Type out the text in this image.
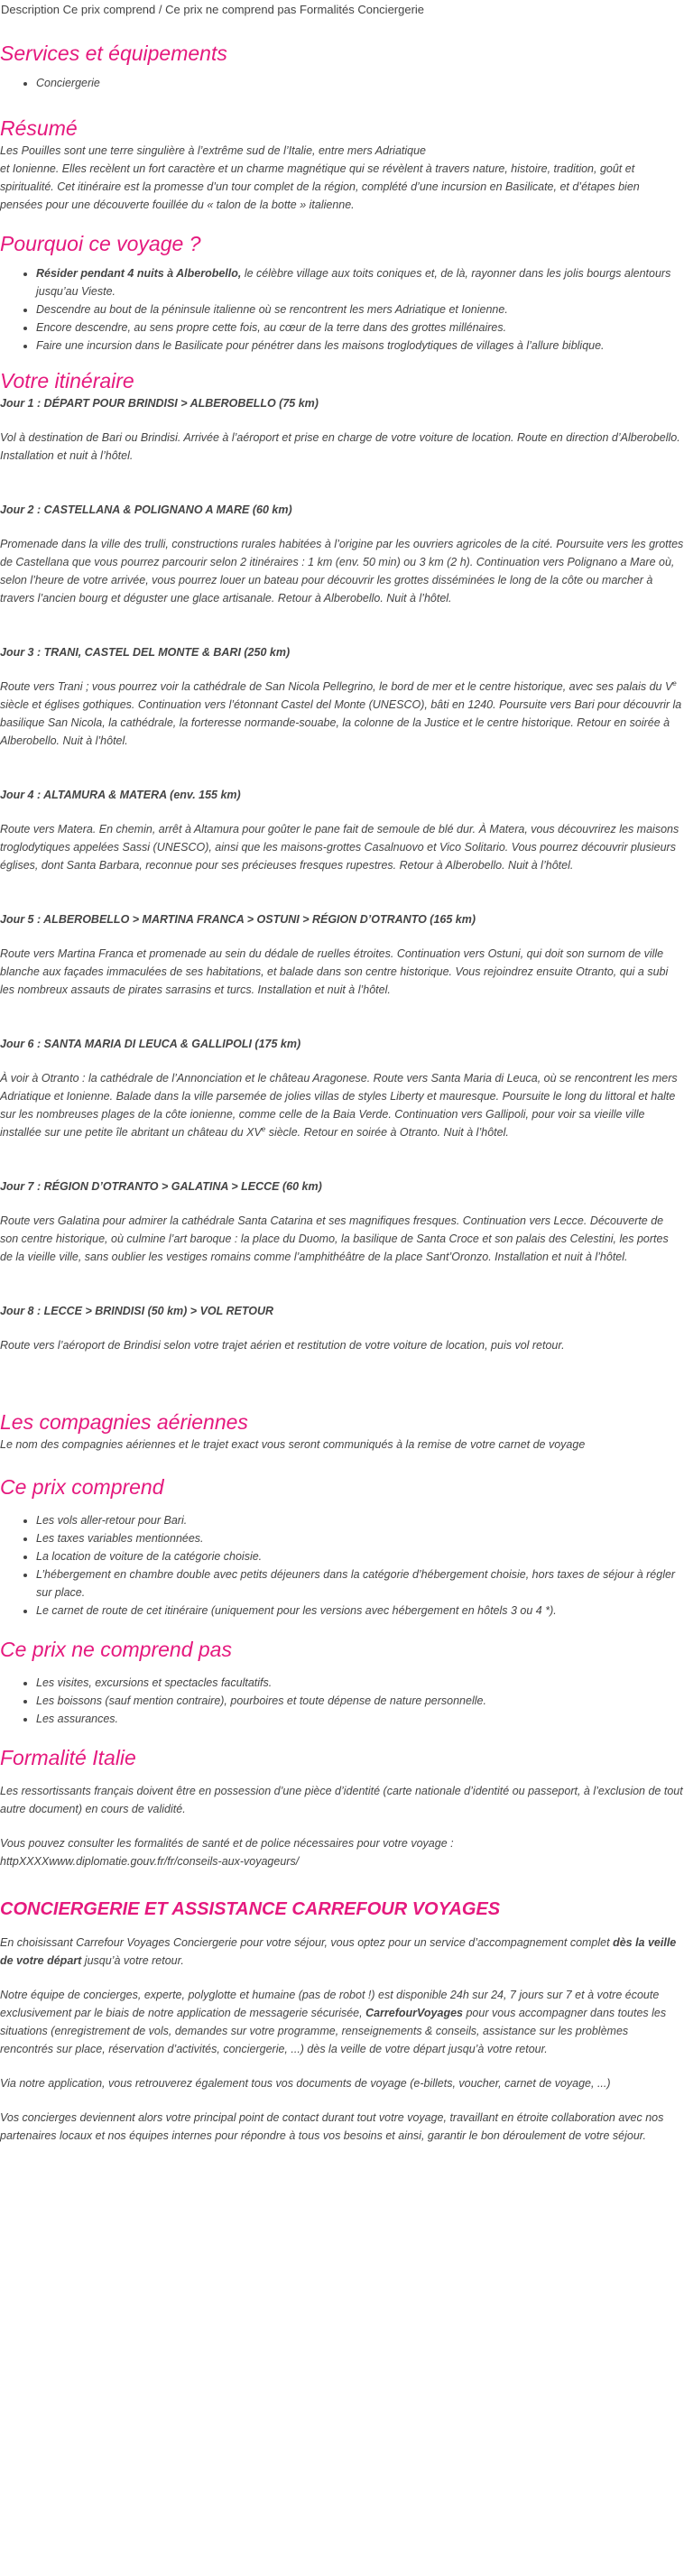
Description Ce prix comprend / Ce prix ne comprend pas Formalités Conciergerie
Services et équipements
• Conciergerie
Résumé

Les Pouilles sont une terre singulière à l’extrême sud de l’Italie, entre mers Adriatique
et Ionienne. Elles recèlent un fort caractère et un charme magnétique qui se révèlent à travers nature, histoire, tradition, goût et spiritualité. Cet itinéraire est la promesse d’un tour complet de la région, complété d’une incursion en Basilicate, et d’étapes bien pensées pour une découverte fouillée du « talon de la botte » italienne.

Pourquoi ce voyage ?
• Résider pendant 4 nuits à Alberobello, le célèbre village aux toits coniques et, de là, rayonner dans les jolis bourgs alentours jusqu’au Vieste.
• Descendre au bout de la péninsule italienne où se rencontrent les mers Adriatique et Ionienne.
• Encore descendre, au sens propre cette fois, au cœur de la terre dans des grottes millénaires.
• Faire une incursion dans le Basilicate pour pénétrer dans les maisons troglodytiques de villages à l’allure biblique.
Votre itinéraire

Jour 1 : DÉPART POUR BRINDISI > ALBEROBELLO (75 km)

Vol à destination de Bari ou Brindisi. Arrivée à l’aéroport et prise en charge de votre voiture de location. Route en direction d’Alberobello. Installation et nuit à l’hôtel.

Jour 2 : CASTELLANA & POLIGNANO A MARE (60 km)

Promenade dans la ville des trulli, constructions rurales habitées à l’origine par les ouvriers agricoles de la cité. Poursuite vers les grottes de Castellana que vous pourrez parcourir selon 2 itinéraires : 1 km (env. 50 min) ou 3 km (2 h). Continuation vers Polignano a Mare où, selon l’heure de votre arrivée, vous pourrez louer un bateau pour découvrir les grottes disséminées le long de la côte ou marcher à travers l’ancien bourg et déguster une glace artisanale. Retour à Alberobello. Nuit à l’hôtel.

Jour 3 : TRANI, CASTEL DEL MONTE & BARI (250 km)

Route vers Trani ; vous pourrez voir la cathédrale de San Nicola Pellegrino, le bord de mer et le centre historique, avec ses palais du Ve siècle et églises gothiques. Continuation vers l’étonnant Castel del Monte (UNESCO), bâti en 1240. Poursuite vers Bari pour découvrir la basilique San Nicola, la cathédrale, la forteresse normande-souabe, la colonne de la Justice et le centre historique. Retour en soirée à Alberobello. Nuit à l’hôtel.

Jour 4 : ALTAMURA & MATERA (env. 155 km)

Route vers Matera. En chemin, arrêt à Altamura pour goûter le pane fait de semoule de blé dur. À Matera, vous découvrirez les maisons troglodytiques appelées Sassi (UNESCO), ainsi que les maisons-grottes Casalnuovo et Vico Solitario. Vous pourrez découvrir plusieurs églises, dont Santa Barbara, reconnue pour ses précieuses fresques rupestres. Retour à Alberobello. Nuit à l’hôtel.

Jour 5 : ALBEROBELLO > MARTINA FRANCA > OSTUNI > RÉGION D’OTRANTO (165 km)

Route vers Martina Franca et promenade au sein du dédale de ruelles étroites. Continuation vers Ostuni, qui doit son surnom de ville blanche aux façades immaculées de ses habitations, et balade dans son centre historique. Vous rejoindrez ensuite Otranto, qui a subi les nombreux assauts de pirates sarrasins et turcs. Installation et nuit à l’hôtel.

Jour 6 : SANTA MARIA DI LEUCA & GALLIPOLI (175 km)

À voir à Otranto : la cathédrale de l’Annonciation et le château Aragonese. Route vers Santa Maria di Leuca, où se rencontrent les mers Adriatique et Ionienne. Balade dans la ville parsemée de jolies villas de styles Liberty et mauresque. Poursuite le long du littoral et halte sur les nombreuses plages de la côte ionienne, comme celle de la Baia Verde. Continuation vers Gallipoli, pour voir sa vieille ville installée sur une petite île abritant un château du XVe siècle. Retour en soirée à Otranto. Nuit à l’hôtel.

Jour 7 : RÉGION D’OTRANTO > GALATINA > LECCE (60 km)

Route vers Galatina pour admirer la cathédrale Santa Catarina et ses magnifiques fresques. Continuation vers Lecce. Découverte de son centre historique, où culmine l’art baroque : la place du Duomo, la basilique de Santa Croce et son palais des Celestini, les portes de la vieille ville, sans oublier les vestiges romains comme l’amphithéâtre de la place Sant’Oronzo. Installation et nuit à l’hôtel.

Jour 8 : LECCE > BRINDISI (50 km) > VOL RETOUR

Route vers l’aéroport de Brindisi selon votre trajet aérien et restitution de votre voiture de location, puis vol retour.

Les compagnies aériennes

Le nom des compagnies aériennes et le trajet exact vous seront communiqués à la remise de votre carnet de voyage

Ce prix comprend
• Les vols aller-retour pour Bari.
• Les taxes variables mentionnées.
• La location de voiture de la catégorie choisie.
• L’hébergement en chambre double avec petits déjeuners dans la catégorie d’hébergement choisie, hors taxes de séjour à régler sur place.
• Le carnet de route de cet itinéraire (uniquement pour les versions avec hébergement en hôtels 3 ou 4 *).
Ce prix ne comprend pas
• Les visites, excursions et spectacles facultatifs.
• Les boissons (sauf mention contraire), pourboires et toute dépense de nature personnelle.
• Les assurances.
Formalité Italie

Les ressortissants français doivent être en possession d’une pièce d’identité (carte nationale d’identité ou passeport, à l’exclusion de tout autre document) en cours de validité.

Vous pouvez consulter les formalités de santé et de police nécessaires pour votre voyage :
httpXXXXwww.diplomatie.gouv.fr/fr/conseils-aux-voyageurs/

CONCIERGERIE ET ASSISTANCE CARREFOUR VOYAGES

En choisissant Carrefour Voyages Conciergerie pour votre séjour, vous optez pour un service d’accompagnement complet dès la veille de votre départ jusqu’à votre retour.

Notre équipe de concierges, experte, polyglotte et humaine (pas de robot !) est disponible 24h sur 24, 7 jours sur 7 et à votre écoute exclusivement par le biais de notre application de messagerie sécurisée, CarrefourVoyages pour vous accompagner dans toutes les situations (enregistrement de vols, demandes sur votre programme, renseignements & conseils, assistance sur les problèmes rencontrés sur place, réservation d’activités, conciergerie, ...) dès la veille de votre départ jusqu’à votre retour.

Via notre application, vous retrouverez également tous vos documents de voyage (e-billets, voucher, carnet de voyage, ...)

Vos concierges deviennent alors votre principal point de contact durant tout votre voyage, travaillant en étroite collaboration avec nos partenaires locaux et nos équipes internes pour répondre à tous vos besoins et ainsi, garantir le bon déroulement de votre séjour.
